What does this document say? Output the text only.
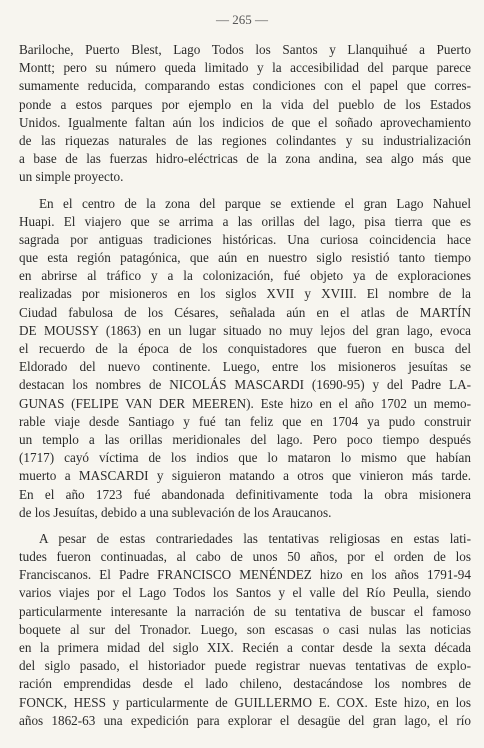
— 265 —
Bariloche, Puerto Blest, Lago Todos los Santos y Llanquihué a Puerto
Montt; pero su número queda limitado y la accesibilidad del parque parece
sumamente reducida, comparando estas condiciones con el papel que corres-
ponde a estos parques por ejemplo en la vida del pueblo de los Estados
Unidos. Igualmente faltan aún los indicios de que el soñado aprovechamiento
de las riquezas naturales de las regiones colindantes y su industrialización
a base de las fuerzas hidro-eléctricas de la zona andina, sea algo más que
un simple proyecto.
En el centro de la zona del parque se extiende el gran Lago Nahuel
Huapi. El viajero que se arrima a las orillas del lago, pisa tierra que es
sagrada por antiguas tradiciones históricas. Una curiosa coincidencia hace
que esta región patagónica, que aún en nuestro siglo resistió tanto tiempo
en abrirse al tráfico y a la colonización, fué objeto ya de exploraciones
realizadas por misioneros en los siglos XVII y XVIII. El nombre de la
Ciudad fabulosa de los Césares, señalada aún en el atlas de MARTÍN
DE MOUSSY (1863) en un lugar situado no muy lejos del gran lago, evoca
el recuerdo de la época de los conquistadores que fueron en busca del
Eldorado del nuevo continente. Luego, entre los misioneros jesuítas se
destacan los nombres de NICOLÁS MASCARDI (1690-95) y del Padre LA-
GUNAS (FELIPE VAN DER MEEREN). Este hizo en el año 1702 un memo-
rable viaje desde Santiago y fué tan feliz que en 1704 ya pudo construir
un templo a las orillas meridionales del lago. Pero poco tiempo después
(1717) cayó víctima de los indios que lo mataron lo mismo que habían
muerto a MASCARDI y siguieron matando a otros que vinieron más tarde.
En el año 1723 fué abandonada definitivamente toda la obra misionera
de los Jesuítas, debido a una sublevación de los Araucanos.
A pesar de estas contrariedades las tentativas religiosas en estas lati-
tudes fueron continuadas, al cabo de unos 50 años, por el orden de los
Franciscanos. El Padre FRANCISCO MENÉNDEZ hizo en los años 1791-94
varios viajes por el Lago Todos los Santos y el valle del Río Peulla, siendo
particularmente interesante la narración de su tentativa de buscar el famoso
boquete al sur del Tronador. Luego, son escasas o casi nulas las noticias
en la primera midad del siglo XIX. Recién a contar desde la sexta década
del siglo pasado, el historiador puede registrar nuevas tentativas de explo-
ración emprendidas desde el lado chileno, destacándose los nombres de
FONCK, HESS y particularmente de GUILLERMO E. COX. Este hizo, en los
años 1862-63 una expedición para explorar el desagüe del gran lago, el río
